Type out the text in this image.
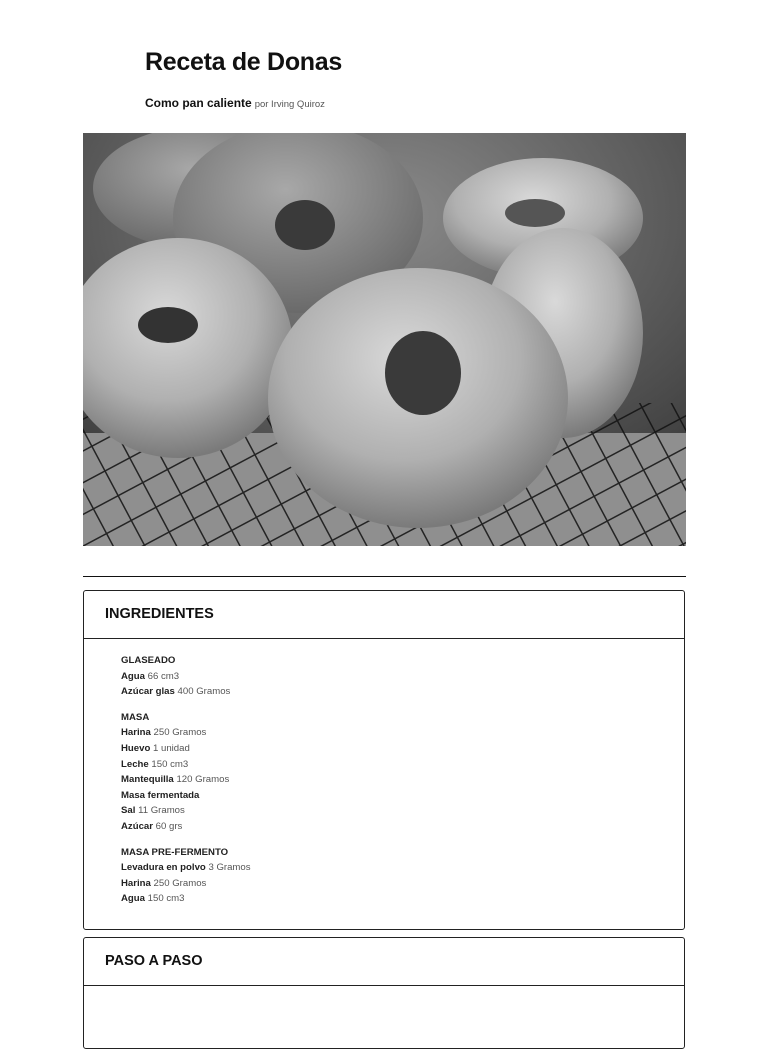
Receta de Donas
Como pan caliente por Irving Quiroz
INGREDIENTES
GLASEADO
Agua 66 cm3
Azúcar glas 400 Gramos
MASA
Harina 250 Gramos
Huevo 1 unidad
Leche 150 cm3
Mantequilla 120 Gramos
Masa fermentada
Sal 11 Gramos
Azúcar 60 grs
MASA PRE-FERMENTO
Levadura en polvo 3 Gramos
Harina 250 Gramos
Agua 150 cm3
PASO A PASO
